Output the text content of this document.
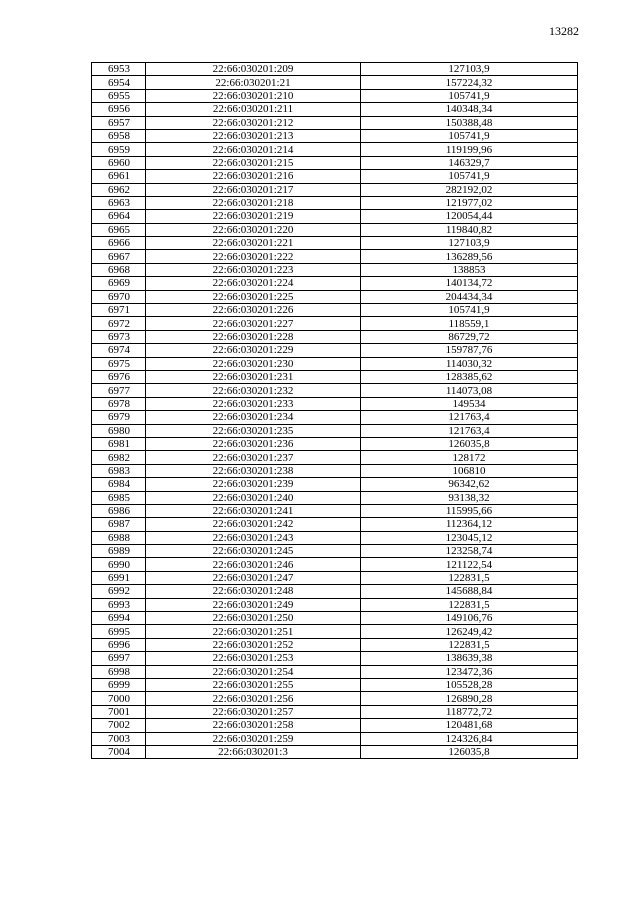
13282
6953	22:66:030201:209	127103,9
6954	22:66:030201:21	157224,32
6955	22:66:030201:210	105741,9
6956	22:66:030201:211	140348,34
6957	22:66:030201:212	150388,48
6958	22:66:030201:213	105741,9
6959	22:66:030201:214	119199,96
6960	22:66:030201:215	146329,7
6961	22:66:030201:216	105741,9
6962	22:66:030201:217	282192,02
6963	22:66:030201:218	121977,02
6964	22:66:030201:219	120054,44
6965	22:66:030201:220	119840,82
6966	22:66:030201:221	127103,9
6967	22:66:030201:222	136289,56
6968	22:66:030201:223	138853
6969	22:66:030201:224	140134,72
6970	22:66:030201:225	204434,34
6971	22:66:030201:226	105741,9
6972	22:66:030201:227	118559,1
6973	22:66:030201:228	86729,72
6974	22:66:030201:229	159787,76
6975	22:66:030201:230	114030,32
6976	22:66:030201:231	128385,62
6977	22:66:030201:232	114073,08
6978	22:66:030201:233	149534
6979	22:66:030201:234	121763,4
6980	22:66:030201:235	121763,4
6981	22:66:030201:236	126035,8
6982	22:66:030201:237	128172
6983	22:66:030201:238	106810
6984	22:66:030201:239	96342,62
6985	22:66:030201:240	93138,32
6986	22:66:030201:241	115995,66
6987	22:66:030201:242	112364,12
6988	22:66:030201:243	123045,12
6989	22:66:030201:245	123258,74
6990	22:66:030201:246	121122,54
6991	22:66:030201:247	122831,5
6992	22:66:030201:248	145688,84
6993	22:66:030201:249	122831,5
6994	22:66:030201:250	149106,76
6995	22:66:030201:251	126249,42
6996	22:66:030201:252	122831,5
6997	22:66:030201:253	138639,38
6998	22:66:030201:254	123472,36
6999	22:66:030201:255	105528,28
7000	22:66:030201:256	126890,28
7001	22:66:030201:257	118772,72
7002	22:66:030201:258	120481,68
7003	22:66:030201:259	124326,84
7004	22:66:030201:3	126035,8
